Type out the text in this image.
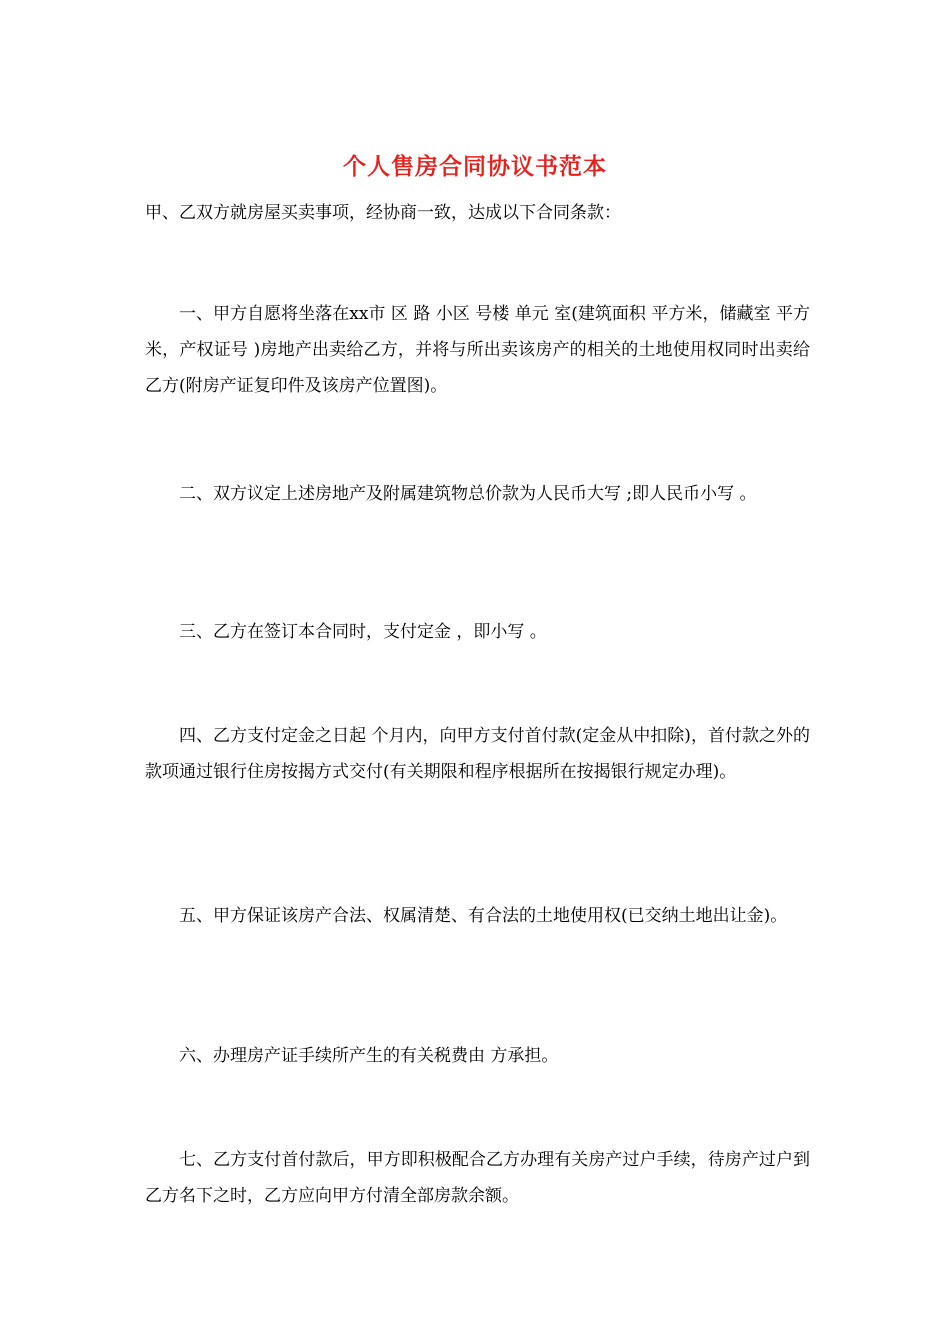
个人售房合同协议书范本
甲、乙双方就房屋买卖事项，经协商一致，达成以下合同条款：

一、甲方自愿将坐落在xx市 区 路 小区 号楼 单元 室(建筑面积 平方米，储藏室 平方米，产权证号 )房地产出卖给乙方，并将与所出卖该房产的相关的土地使用权同时出卖给乙方(附房产证复印件及该房产位置图)。

二、双方议定上述房地产及附属建筑物总价款为人民币大写 ;即人民币小写 。

三、乙方在签订本合同时，支付定金 ，即小写 。

四、乙方支付定金之日起 个月内，向甲方支付首付款(定金从中扣除)，首付款之外的款项通过银行住房按揭方式交付(有关期限和程序根据所在按揭银行规定办理)。

五、甲方保证该房产合法、权属清楚、有合法的土地使用权(已交纳土地出让金)。

六、办理房产证手续所产生的有关税费由 方承担。

七、乙方支付首付款后，甲方即积极配合乙方办理有关房产过户手续，待房产过户到乙方名下之时，乙方应向甲方付清全部房款余额。
